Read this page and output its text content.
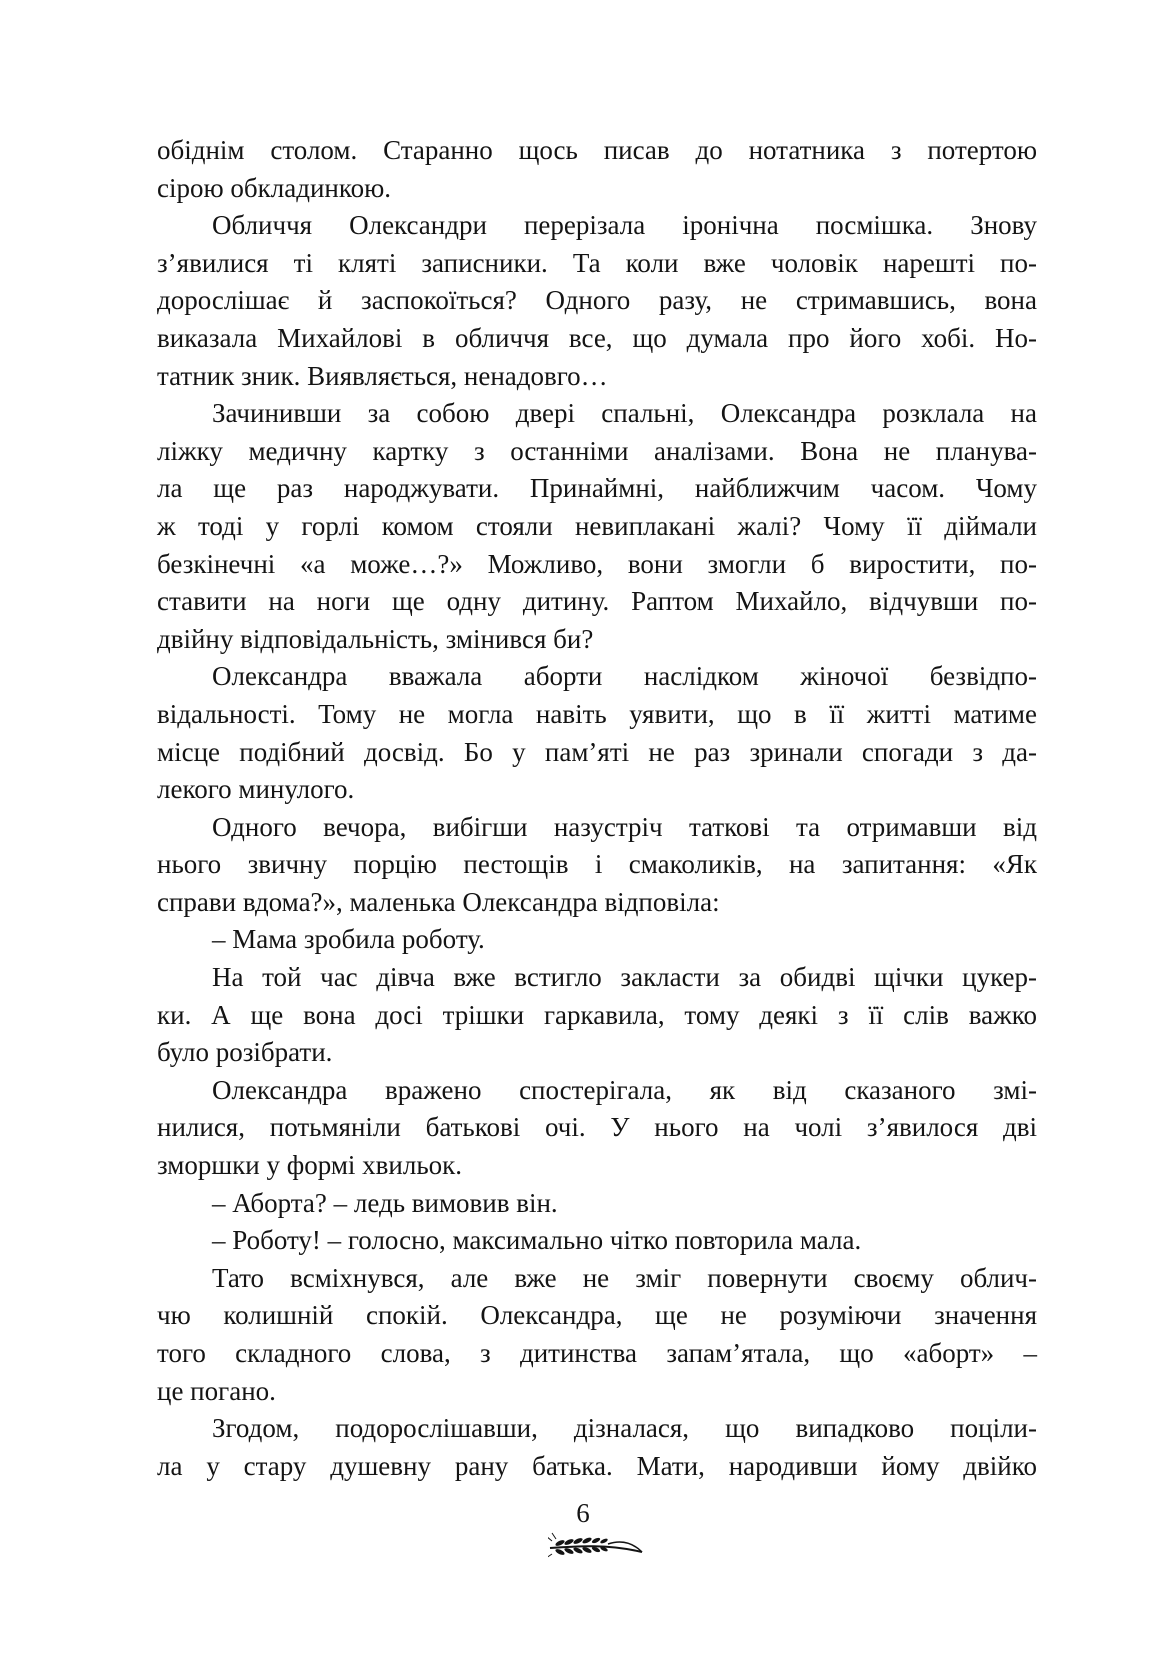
обіднім столом. Старанно щось писав до нотатника з потертою
сірою обкладинкою.
Обличчя Олександри перерізала іронічна посмішка. Знову
з’явилися ті кляті записники. Та коли вже чоловік нарешті по-
дорослішає й заспокоїться? Одного разу, не стримавшись, вона
виказала Михайлові в обличчя все, що думала про його хобі. Но-
татник зник. Виявляється, ненадовго…
Зачинивши за собою двері спальні, Олександра розклала на
ліжку медичну картку з останніми аналізами. Вона не планува-
ла ще раз народжувати. Принаймні, найближчим часом. Чому
ж тоді у горлі комом стояли невиплакані жалі? Чому її діймали
безкінечні «а може…?» Можливо, вони змогли б виростити, по-
ставити на ноги ще одну дитину. Раптом Михайло, відчувши по-
двійну відповідальність, змінився би?
Олександра вважала аборти наслідком жіночої безвідпо-
відальності. Тому не могла навіть уявити, що в її житті матиме
місце подібний досвід. Бо у пам’яті не раз зринали спогади з да-
лекого минулого.
Одного вечора, вибігши назустріч таткові та отримавши від
нього звичну порцію пестощів і смаколиків, на запитання: «Як
справи вдома?», маленька Олександра відповіла:
– Мама зробила роботу.
На той час дівча вже встигло закласти за обидві щічки цукер-
ки. А ще вона досі трішки гаркавила, тому деякі з її слів важко
було розібрати.
Олександра вражено спостерігала, як від сказаного змі-
нилися, потьмяніли батькові очі. У нього на чолі з’явилося дві
зморшки у формі хвильок.
– Аборта? – ледь вимовив він.
– Роботу! – голосно, максимально чітко повторила мала.
Тато всміхнувся, але вже не зміг повернути своєму облич-
чю колишній спокій. Олександра, ще не розуміючи значення
того складного слова, з дитинства запам’ятала, що «аборт» –
це погано.
Згодом, подорослішавши, дізналася, що випадково поціли-
ла у стару душевну рану батька. Мати, народивши йому двійко
6
